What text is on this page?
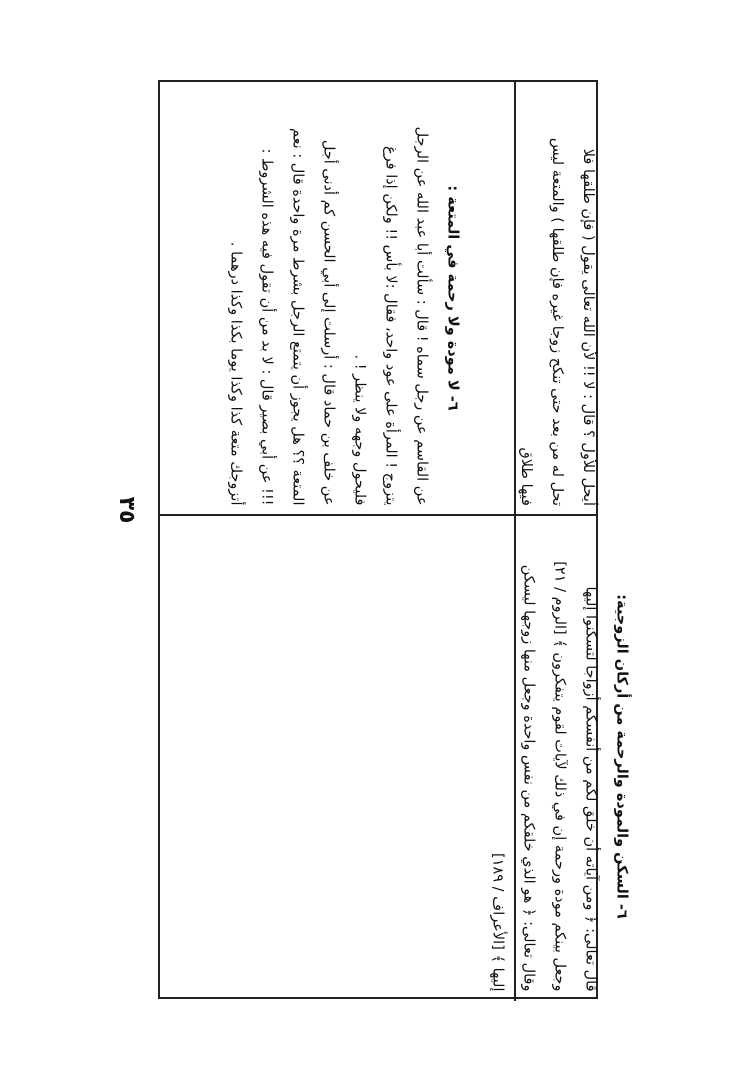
أيحل للأول ؟ قال : لا !! لأن الله تعالى يقول ( فإن طلقها فلا

تحل له من بعد حتى تنكح زوجا غيره فإن طلقها ) والمتعة ليس

فيها طلاق

٦- لا مودة ولا رحمة في المتعة :

عن القاسم عن رجل سماه ! قال : سألت أبا عبد الله عن الرجل

يتزوج ! المرأة على عود واحد، فقال :لا بأس !! ولكن إذا فرغ

فليحول وجهه ولا ينظر ! .

عن خلف بن حماد قال : أرسلت إلى أبي الحسن كم أدنى أجل

المتعة ؟؟ هل يجوز أن يتمتع الرجل بشرط مرة واحدة قال : نعم

!!! عن أبي بصير قال : لا بد من أن تقول فيه هذه الشروط :

أتزوجك متعة كذا وكذا يوما بكذا وكذا درهما .

٦- السكن والمودة والرحمة من أركان الزوجية:

قال تعالى: ﴿ ومن آياته أن خلق لكم من أنفسكم أزواجا لتسكنوا إليها

وجعل بينكم مودة ورحمة إن في ذلك لآيات لقوم يتفكرون ﴾ [الروم / ٢١]

وقال تعالى: ﴿ هو الذي خلقكم من نفس واحدة وجعل منها زوجها ليسكن

إليها ﴾ [الأعراف / ١٨٩]

٣٥
